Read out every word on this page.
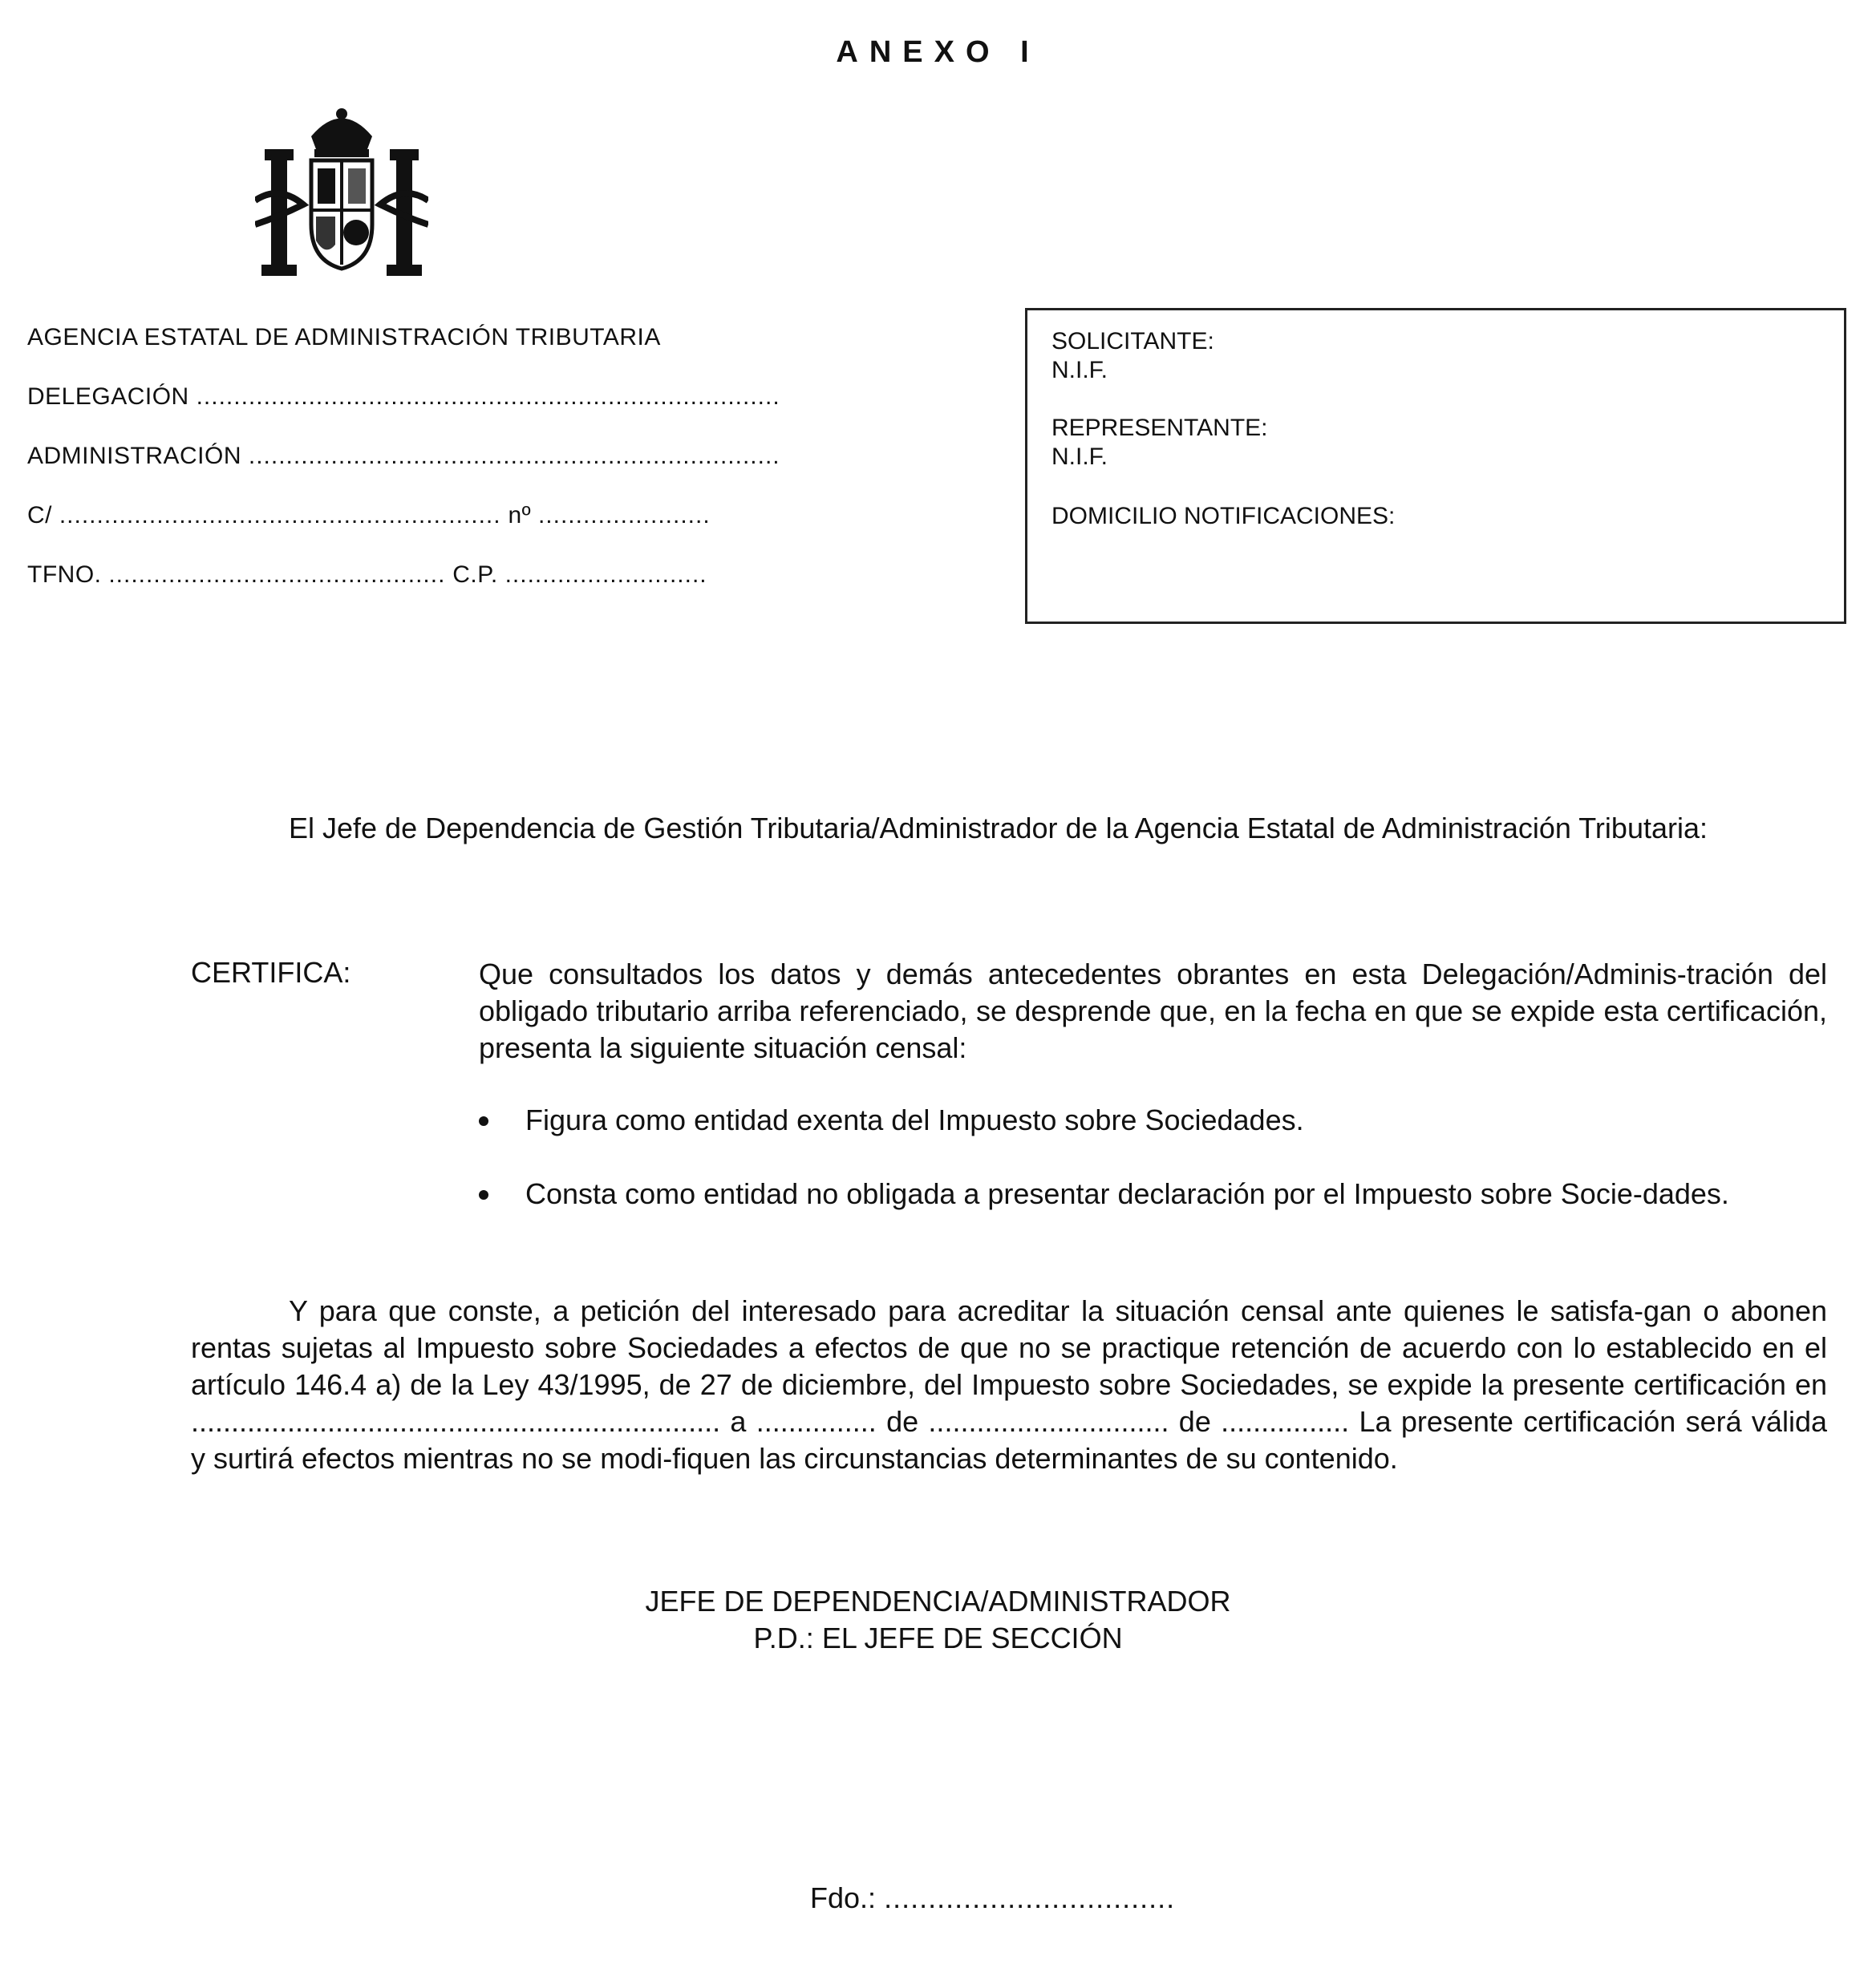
ANEXO I
AGENCIA ESTATAL DE ADMINISTRACIÓN TRIBUTARIA
DELEGACIÓN ..............................................................................
ADMINISTRACIÓN .......................................................................
C/ ........................................................... nº .......................
TFNO. ............................................. C.P. ...........................
SOLICITANTE:
N.I.F.
REPRESENTANTE:
N.I.F.
DOMICILIO NOTIFICACIONES:
El Jefe de Dependencia de Gestión Tributaria/Administrador de la Agencia Estatal de Administración Tributaria:
CERTIFICA:	Que consultados los datos y demás antecedentes obrantes en esta Delegación/Adminis-tración del obligado tributario arriba referenciado, se desprende que, en la fecha en que se expide esta certificación, presenta la siguiente situación censal:
Figura como entidad exenta del Impuesto sobre Sociedades.
Consta como entidad no obligada a presentar declaración por el Impuesto sobre Socie-dades.
Y para que conste, a petición del interesado para acreditar la situación censal ante quienes le satisfa-gan o abonen rentas sujetas al Impuesto sobre Sociedades a efectos de que no se practique retención de acuerdo con lo establecido en el artículo 146.4 a) de la Ley 43/1995, de 27 de diciembre, del Impuesto sobre Sociedades, se expide la presente certificación en .................................................................. a ............... de .............................. de ................ La presente certificación será válida y surtirá efectos mientras no se modi-fiquen las circunstancias determinantes de su contenido.
JEFE DE DEPENDENCIA/ADMINISTRADOR
P.D.: EL JEFE DE SECCIÓN
Fdo.: .................................
